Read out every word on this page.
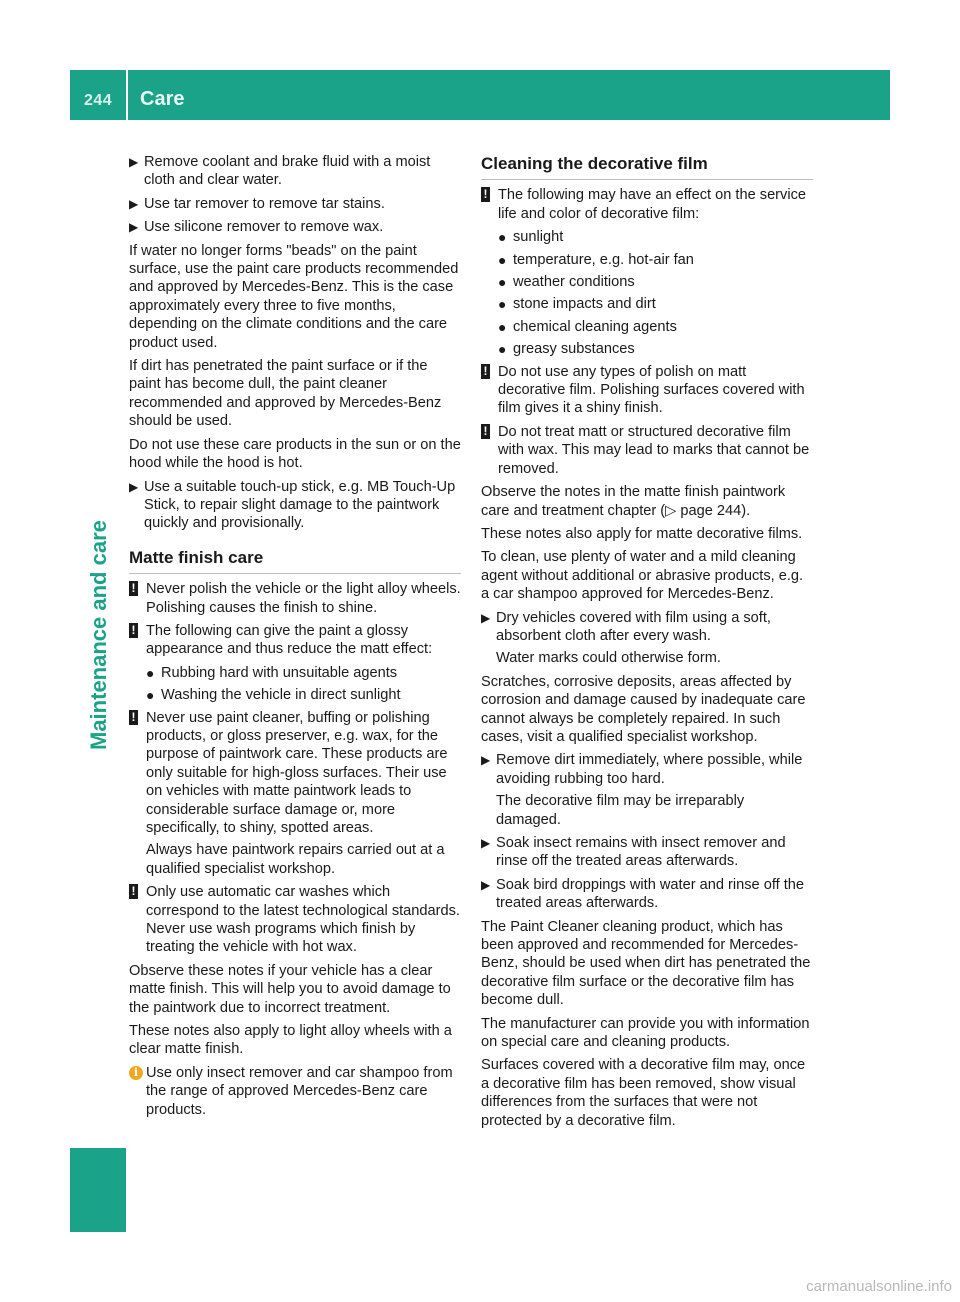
244 Care
Maintenance and care
▶ Remove coolant and brake fluid with a moist cloth and clear water.
▶ Use tar remover to remove tar stains.
▶ Use silicone remover to remove wax.

If water no longer forms "beads" on the paint surface, use the paint care products recommended and approved by Mercedes-Benz. This is the case approximately every three to five months, depending on the climate conditions and the care product used.

If dirt has penetrated the paint surface or if the paint has become dull, the paint cleaner recommended and approved by Mercedes-Benz should be used.

Do not use these care products in the sun or on the hood while the hood is hot.

▶ Use a suitable touch-up stick, e.g. MB Touch-Up Stick, to repair slight damage to the paintwork quickly and provisionally.
Matte finish care
! Never polish the vehicle or the light alloy wheels. Polishing causes the finish to shine.
! The following can give the paint a glossy appearance and thus reduce the matt effect:
● Rubbing hard with unsuitable agents
● Washing the vehicle in direct sunlight
! Never use paint cleaner, buffing or polishing products, or gloss preserver, e.g. wax, for the purpose of paintwork care. These products are only suitable for high-gloss surfaces. Their use on vehicles with matte paintwork leads to considerable surface damage or, more specifically, to shiny, spotted areas.
Always have paintwork repairs carried out at a qualified specialist workshop.
! Only use automatic car washes which correspond to the latest technological standards. Never use wash programs which finish by treating the vehicle with hot wax.

Observe these notes if your vehicle has a clear matte finish. This will help you to avoid damage to the paintwork due to incorrect treatment.

These notes also apply to light alloy wheels with a clear matte finish.

i Use only insect remover and car shampoo from the range of approved Mercedes-Benz care products.
Cleaning the decorative film
! The following may have an effect on the service life and color of decorative film:
● sunlight
● temperature, e.g. hot-air fan
● weather conditions
● stone impacts and dirt
● chemical cleaning agents
● greasy substances
! Do not use any types of polish on matt decorative film. Polishing surfaces covered with film gives it a shiny finish.
! Do not treat matt or structured decorative film with wax. This may lead to marks that cannot be removed.

Observe the notes in the matte finish paintwork care and treatment chapter (▷ page 244).

These notes also apply for matte decorative films.

To clean, use plenty of water and a mild cleaning agent without additional or abrasive products, e.g. a car shampoo approved for Mercedes-Benz.

▶ Dry vehicles covered with film using a soft, absorbent cloth after every wash.
Water marks could otherwise form.

Scratches, corrosive deposits, areas affected by corrosion and damage caused by inadequate care cannot always be completely repaired. In such cases, visit a qualified specialist workshop.

▶ Remove dirt immediately, where possible, while avoiding rubbing too hard.
The decorative film may be irreparably damaged.
▶ Soak insect remains with insect remover and rinse off the treated areas afterwards.
▶ Soak bird droppings with water and rinse off the treated areas afterwards.

The Paint Cleaner cleaning product, which has been approved and recommended for Mercedes-Benz, should be used when dirt has penetrated the decorative film surface or the decorative film has become dull.

The manufacturer can provide you with information on special care and cleaning products.

Surfaces covered with a decorative film may, once a decorative film has been removed, show visual differences from the surfaces that were not protected by a decorative film.

carmanualsonline.info
